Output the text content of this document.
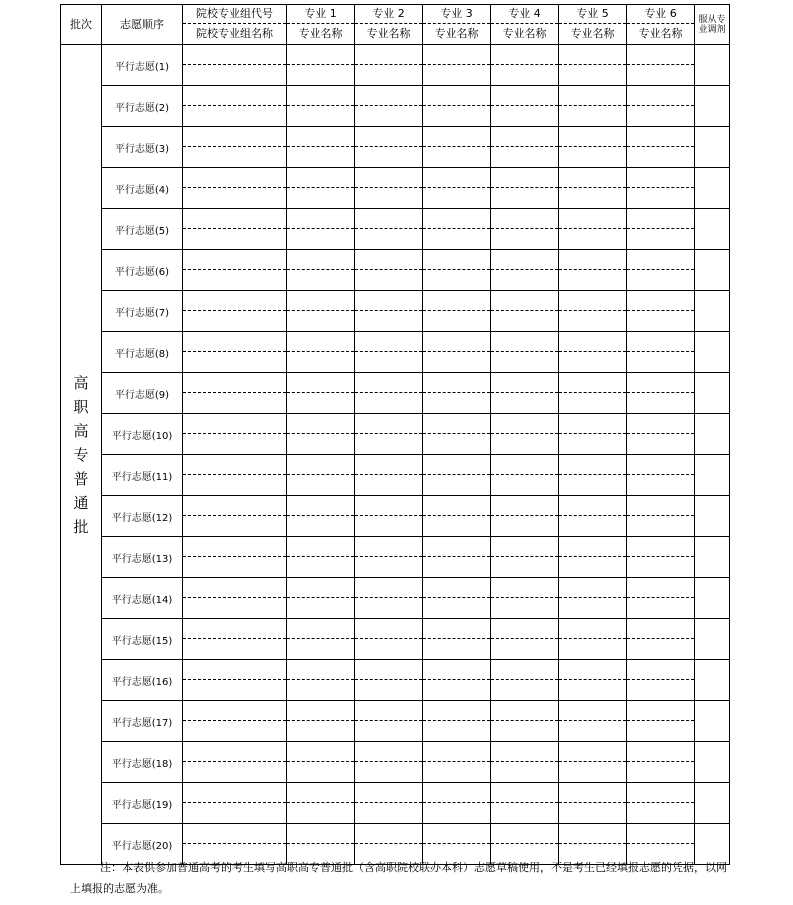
批次	志愿顺序	院校专业组代号	专业 1	专业 2	专业 3	专业 4	专业 5	专业 6	服从专业调剂
		院校专业组名称	专业名称	专业名称	专业名称	专业名称	专业名称	专业名称	
高职高专普通批	平行志愿(1)								

	平行志愿(2)								

	平行志愿(3)								

	平行志愿(4)								

	平行志愿(5)								

	平行志愿(6)								

	平行志愿(7)								

	平行志愿(8)								

	平行志愿(9)								

	平行志愿(10)								

	平行志愿(11)								

	平行志愿(12)								

	平行志愿(13)								

	平行志愿(14)								

	平行志愿(15)								

	平行志愿(16)								

	平行志愿(17)								

	平行志愿(18)								

	平行志愿(19)								

	平行志愿(20)								

注：本表供参加普通高考的考生填写高职高专普通批（含高职院校联办本科）志愿草稿使用，不是考生已经填报志愿的凭据，以网上填报的志愿为准。
